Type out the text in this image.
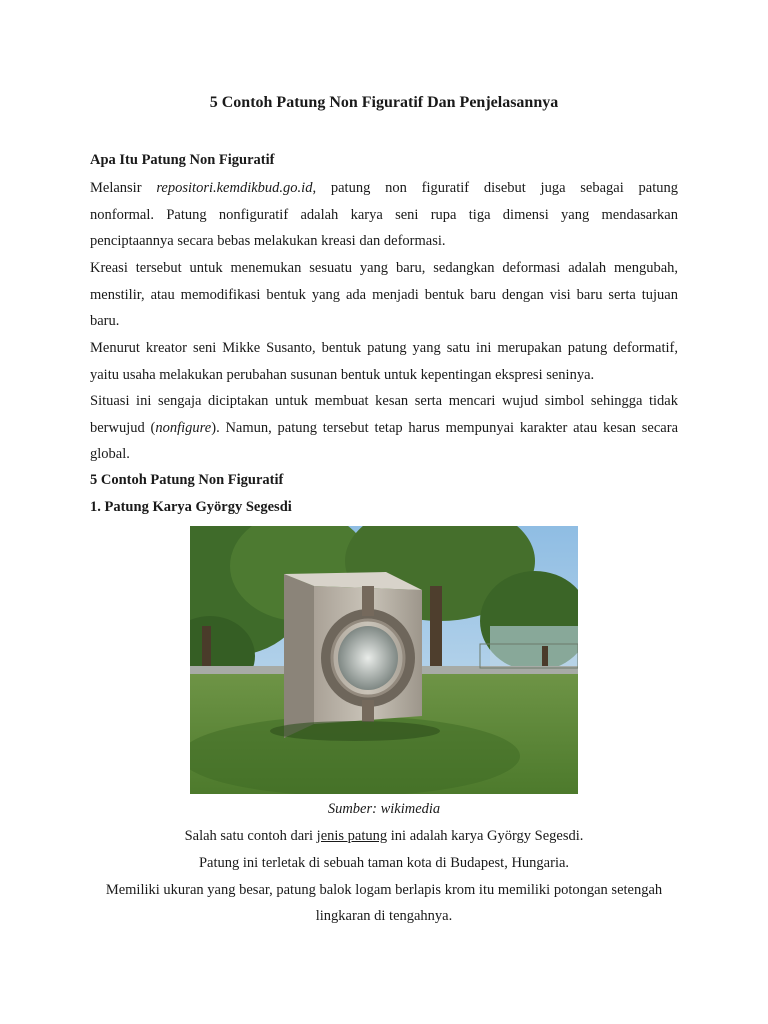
5 Contoh Patung Non Figuratif Dan Penjelasannya
Apa Itu Patung Non Figuratif
Melansir repositori.kemdikbud.go.id, patung non figuratif disebut juga sebagai patung
nonformal. Patung nonfiguratif adalah karya seni rupa tiga dimensi yang mendasarkan
penciptaannya secara bebas melakukan kreasi dan deformasi.
Kreasi tersebut untuk menemukan sesuatu yang baru, sedangkan deformasi adalah mengubah,
menstilir, atau memodifikasi bentuk yang ada menjadi bentuk baru dengan visi baru serta tujuan
baru.
Menurut kreator seni Mikke Susanto, bentuk patung yang satu ini merupakan patung deformatif,
yaitu usaha melakukan perubahan susunan bentuk untuk kepentingan ekspresi seninya.
Situasi ini sengaja diciptakan untuk membuat kesan serta mencari wujud simbol sehingga tidak
berwujud (nonfigure). Namun, patung tersebut tetap harus mempunyai karakter atau kesan secara
global.
5 Contoh Patung Non Figuratif
1. Patung Karya György Segesdi
Sumber: wikimedia
Salah satu contoh dari jenis patung ini adalah karya György Segesdi.
Patung ini terletak di sebuah taman kota di Budapest, Hungaria.
Memiliki ukuran yang besar, patung balok logam berlapis krom itu memiliki potongan setengah
lingkaran di tengahnya.
